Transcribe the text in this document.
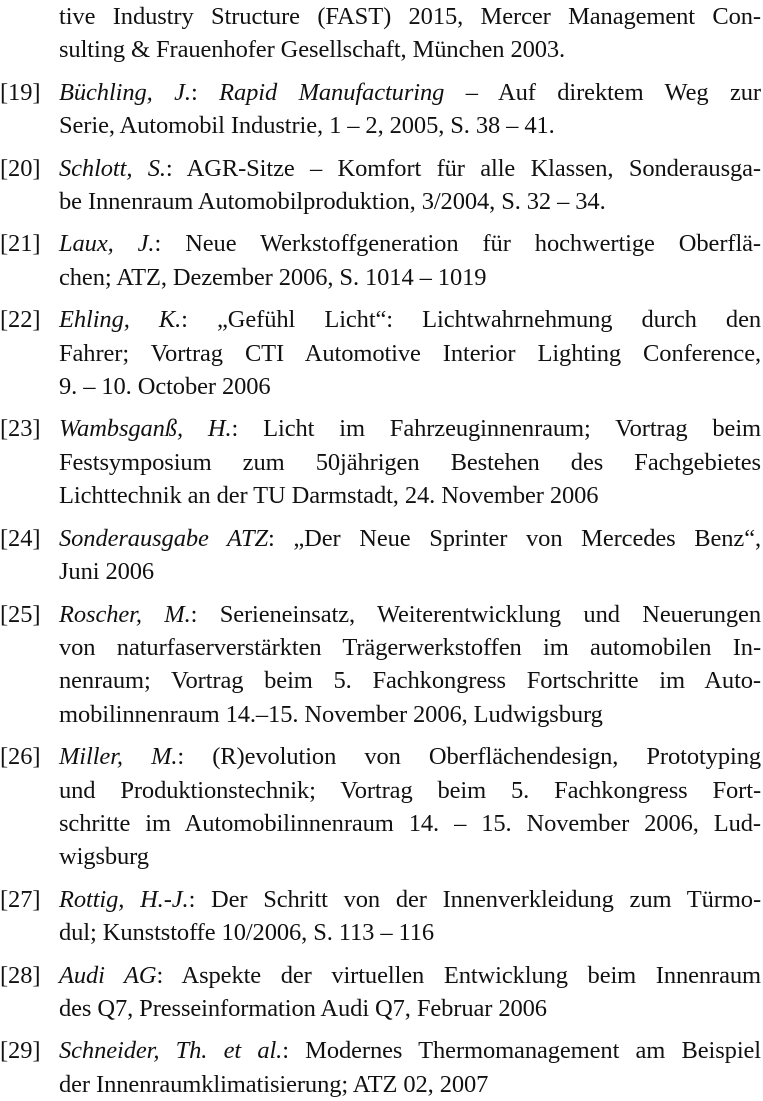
tive Industry Structure (FAST) 2015, Mercer Management Con-
sulting & Frauenhofer Gesellschaft, München 2003.
[19] Büchling, J.: Rapid Manufacturing – Auf direktem Weg zur
Serie, Automobil Industrie, 1 – 2, 2005, S. 38 – 41.
[20] Schlott, S.: AGR-Sitze – Komfort für alle Klassen, Sonderausga-
be Innenraum Automobilproduktion, 3/2004, S. 32 – 34.
[21] Laux, J.: Neue Werkstoffgeneration für hochwertige Oberflä-
chen; ATZ, Dezember 2006, S. 1014 – 1019
[22] Ehling, K.: „Gefühl Licht“: Lichtwahrnehmung durch den
Fahrer; Vortrag CTI Automotive Interior Lighting Conference,
9. – 10. October 2006
[23] Wambsganß, H.: Licht im Fahrzeuginnenraum; Vortrag beim
Festsymposium zum 50jährigen Bestehen des Fachgebietes
Lichttechnik an der TU Darmstadt, 24. November 2006
[24] Sonderausgabe ATZ: „Der Neue Sprinter von Mercedes Benz“,
Juni 2006
[25] Roscher, M.: Serieneinsatz, Weiterentwicklung und Neuerungen
von naturfaserverstärkten Trägerwerkstoffen im automobilen In-
nenraum; Vortrag beim 5. Fachkongress Fortschritte im Auto-
mobilinnenraum 14.–15. November 2006, Ludwigsburg
[26] Miller, M.: (R)evolution von Oberflächendesign, Prototyping
und Produktionstechnik; Vortrag beim 5. Fachkongress Fort-
schritte im Automobilinnenraum 14. – 15. November 2006, Lud-
wigsburg
[27] Rottig, H.-J.: Der Schritt von der Innenverkleidung zum Türmo-
dul; Kunststoffe 10/2006, S. 113 – 116
[28] Audi AG: Aspekte der virtuellen Entwicklung beim Innenraum
des Q7, Presseinformation Audi Q7, Februar 2006
[29] Schneider, Th. et al.: Modernes Thermomanagement am Beispiel
der Innenraumklimatisierung; ATZ 02, 2007
